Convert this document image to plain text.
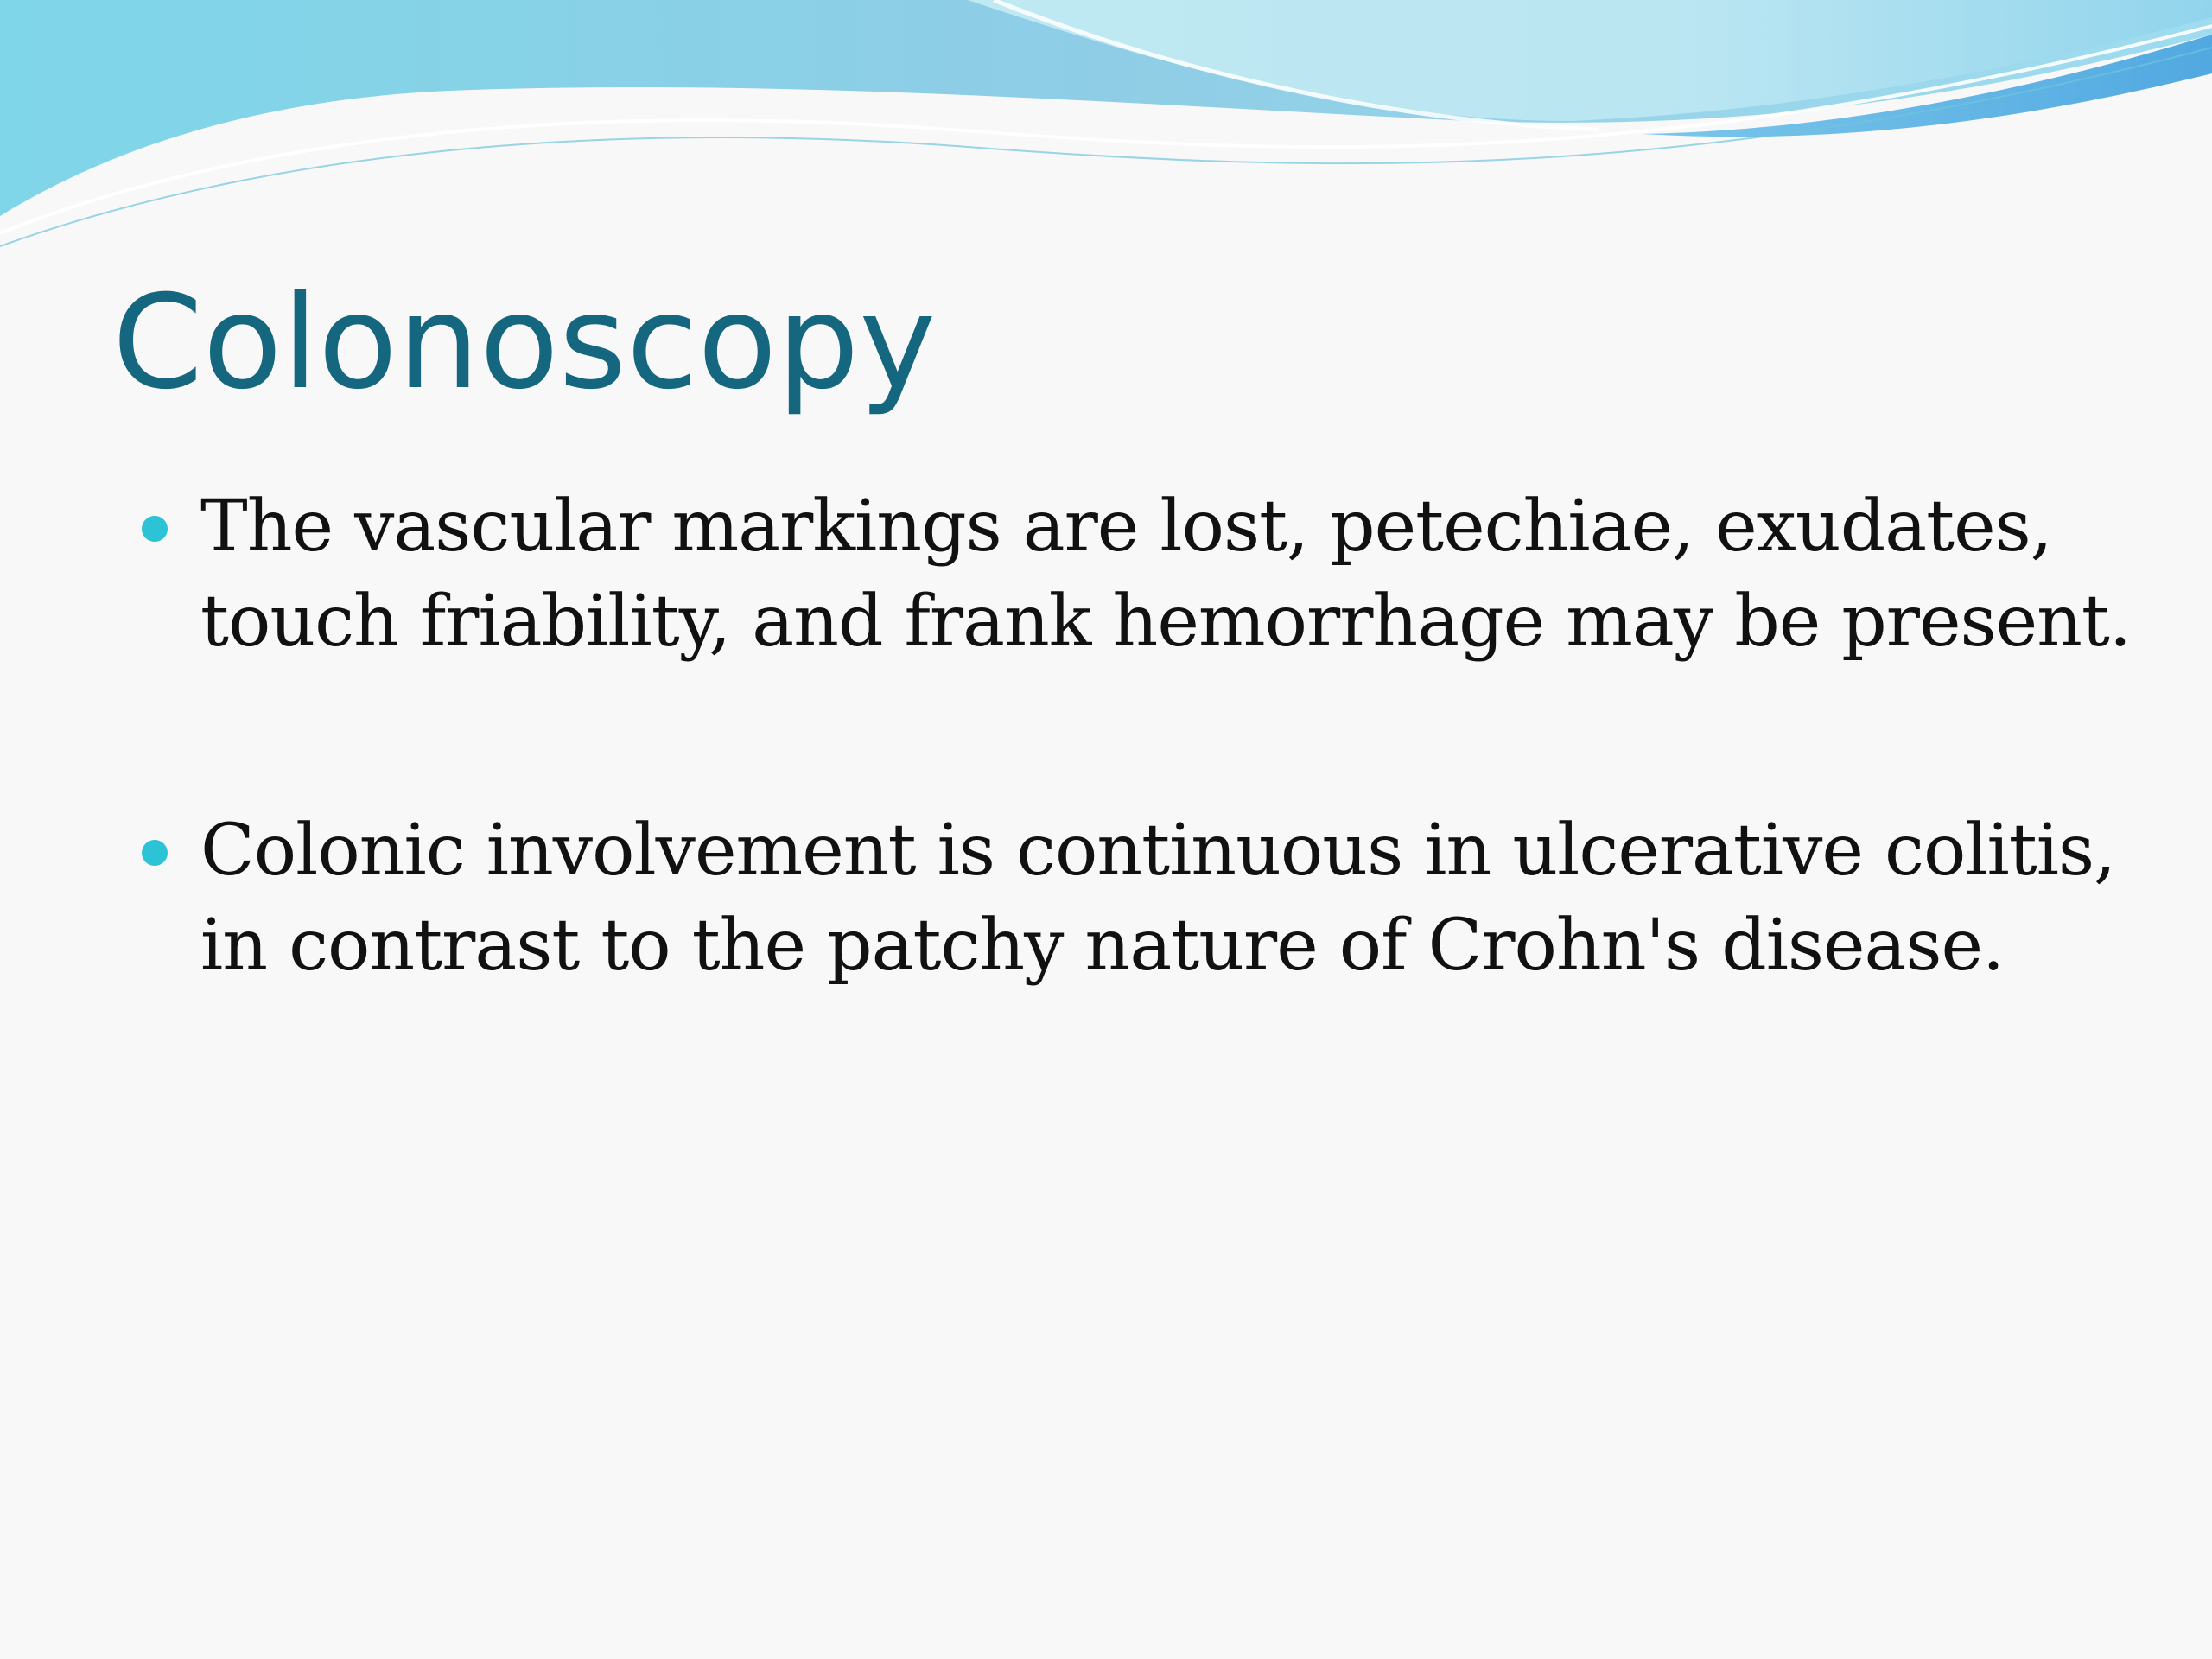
Colonoscopy
The vascular markings are lost, petechiae, exudates, touch friability, and frank hemorrhage may be present.
Colonic involvement is continuous in ulcerative colitis, in contrast to the patchy nature of Crohn's disease.
